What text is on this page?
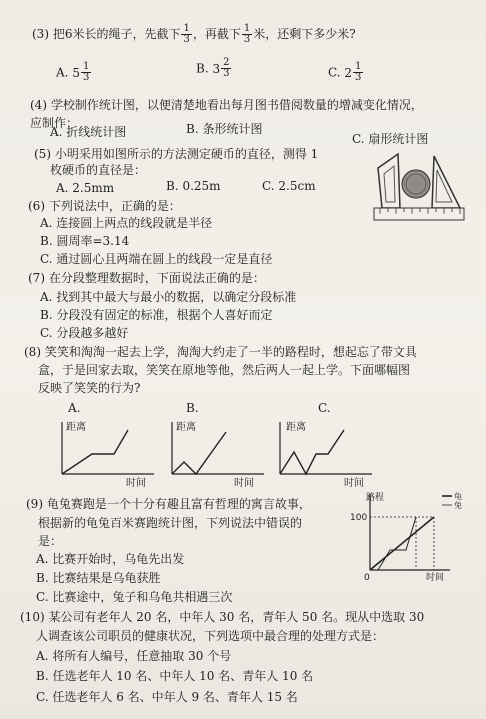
(3) 把6米长的绳子，先截下 $\frac{1}{3}$ ，再截下 $\frac{1}{3}$ 米，还剩下多少米?
A. $5 \frac{1}{3}$	B. $3 \frac{2}{3}$	C. $2 \frac{1}{3}$
(4) 学校制作统计图，以便清楚地看出每月图书借阅数量的增减变化情况，
应制作：
A. 折线统计图	B. 条形统计图
C. 扇形统计图
(5) 小明采用如图所示的方法测定硬币的直径，测得 1
枚硬币的直径是：
A. 2.5mm	B. 0.25m	C. 2.5cm
(6) 下列说法中，正确的是：
A. 连接圆上两点的线段就是半径
B. 圆周率=3.14
C. 通过圆心且两端在圆上的线段一定是直径
(7) 在分段整理数据时，下面说法正确的是：
A. 找到其中最大与最小的数据，以确定分段标准
B. 分段没有固定的标准，根据个人喜好而定
C. 分段越多越好
(8) 笑笑和淘淘一起去上学，淘淘大约走了一半的路程时，想起忘了带文具
盒，于是回家去取，笑笑在原地等他，然后两人一起上学。下面哪幅图
反映了笑笑的行为?
A.	B.	C.
距离
时间
距离
时间
距离
时间
(9) 龟兔赛跑是一个十分有趣且富有哲理的寓言故事，
根据新的龟兔百米赛跑统计图，下列说法中错误的
是：
A. 比赛开始时，乌龟先出发
B. 比赛结果是乌龟获胜
C. 比赛途中，兔子和乌龟共相遇三次
路程
时间
100
0
龟
兔
(10) 某公司有老年人 20 名，中年人 30 名，青年人 50 名。现从中选取 30
人调查该公司职员的健康状况，下列选项中最合理的处理方式是：
A. 将所有人编号，任意抽取 30 个号
B. 任选老年人 10 名、中年人 10 名、青年人 10 名
C. 任选老年人 6 名、中年人 9 名、青年人 15 名
